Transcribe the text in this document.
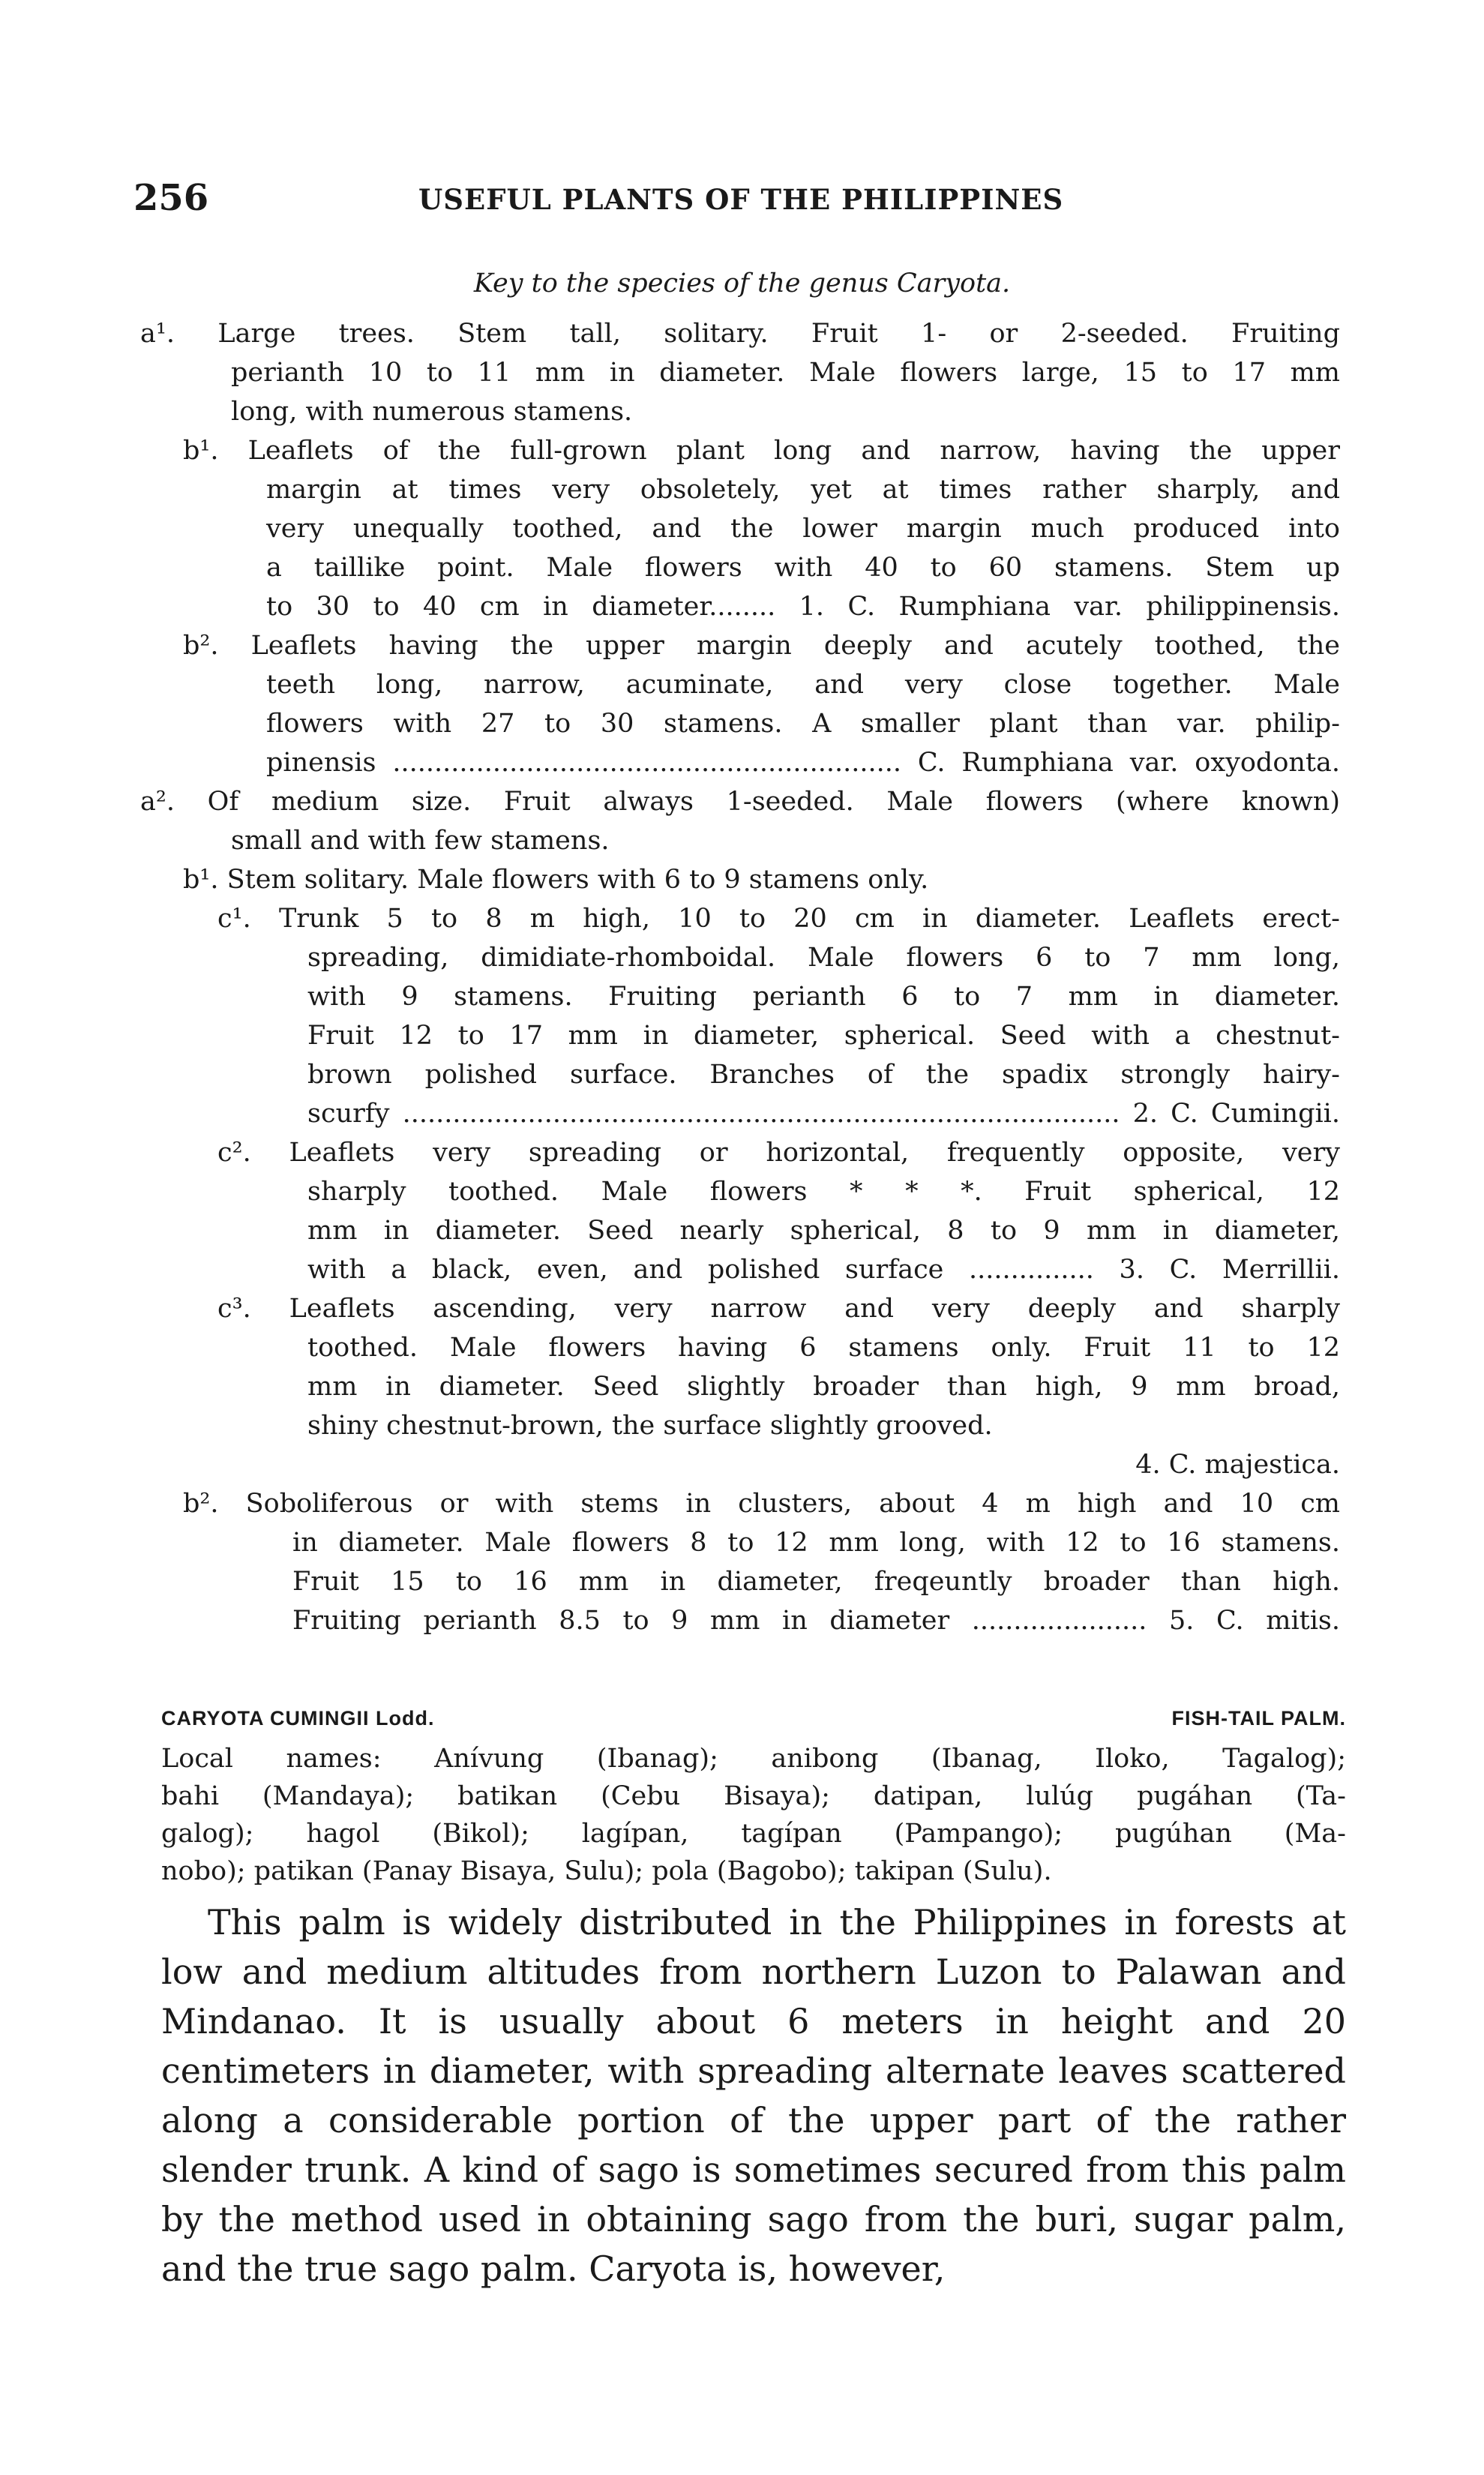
256	USEFUL PLANTS OF THE PHILIPPINES
Key to the species of the genus Caryota.
a¹. Large trees. Stem tall, solitary. Fruit 1- or 2-seeded. Fruiting
perianth 10 to 11 mm in diameter. Male flowers large, 15 to 17 mm
long, with numerous stamens.
b¹. Leaflets of the full-grown plant long and narrow, having the upper
margin at times very obsoletely, yet at times rather sharply, and
very unequally toothed, and the lower margin much produced into
a taillike point. Male flowers with 40 to 60 stamens. Stem up
to 30 to 40 cm in diameter........ 1. C. Rumphiana var. philippinensis.
b². Leaflets having the upper margin deeply and acutely toothed, the
teeth long, narrow, acuminate, and very close together. Male
flowers with 27 to 30 stamens. A smaller plant than var. philip-
pinensis ............................................................. C. Rumphiana var. oxyodonta.
a². Of medium size. Fruit always 1-seeded. Male flowers (where known)
small and with few stamens.
b¹. Stem solitary. Male flowers with 6 to 9 stamens only.
c¹. Trunk 5 to 8 m high, 10 to 20 cm in diameter. Leaflets erect-
spreading, dimidiate-rhomboidal. Male flowers 6 to 7 mm long,
with 9 stamens. Fruiting perianth 6 to 7 mm in diameter.
Fruit 12 to 17 mm in diameter, spherical. Seed with a chestnut-
brown polished surface. Branches of the spadix strongly hairy-
scurfy ...................................................................................... 2. C. Cumingii.
c². Leaflets very spreading or horizontal, frequently opposite, very
sharply toothed. Male flowers * * *. Fruit spherical, 12
mm in diameter. Seed nearly spherical, 8 to 9 mm in diameter,
with a black, even, and polished surface ............... 3. C. Merrillii.
c³. Leaflets ascending, very narrow and very deeply and sharply
toothed. Male flowers having 6 stamens only. Fruit 11 to 12
mm in diameter. Seed slightly broader than high, 9 mm broad,
shiny chestnut-brown, the surface slightly grooved.
4. C. majestica.
b². Soboliferous or with stems in clusters, about 4 m high and 10 cm
in diameter. Male flowers 8 to 12 mm long, with 12 to 16 stamens.
Fruit 15 to 16 mm in diameter, freqeuntly broader than high.
Fruiting perianth 8.5 to 9 mm in diameter ..................... 5. C. mitis.
CARYOTA CUMINGII Lodd.	FISH-TAIL PALM.
Local names: Anívung (Ibanag); anibong (Ibanag, Iloko, Tagalog);
bahi (Mandaya); batikan (Cebu Bisaya); datipan, lulúg pugáhan (Ta-
galog); hagol (Bikol); lagípan, tagípan (Pampango); pugúhan (Ma-
nobo); patikan (Panay Bisaya, Sulu); pola (Bagobo); takipan (Sulu).

This palm is widely distributed in the Philippines in forests at low and medium altitudes from northern Luzon to Palawan and Mindanao. It is usually about 6 meters in height and 20 centimeters in diameter, with spreading alternate leaves scattered along a considerable portion of the upper part of the rather slender trunk. A kind of sago is sometimes secured from this palm by the method used in obtaining sago from the buri, sugar palm, and the true sago palm. Caryota is, however,
